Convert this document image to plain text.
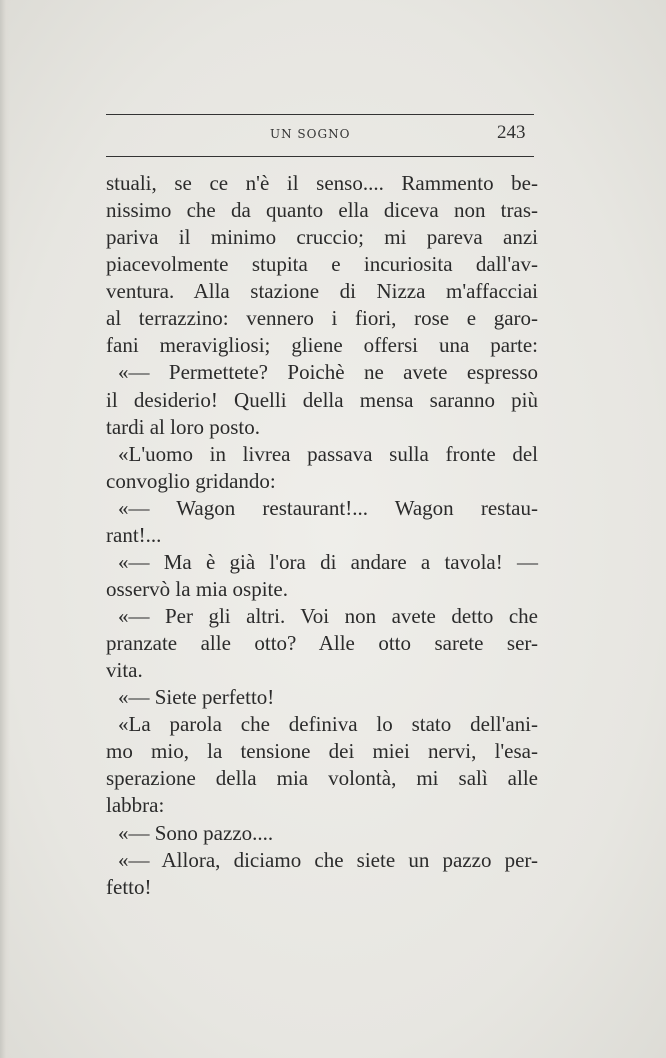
UN SOGNO	243
stuali, se ce n'è il senso.... Rammento be-
nissimo che da quanto ella diceva non tras-
pariva il minimo cruccio; mi pareva anzi
piacevolmente stupita e incuriosita dall'av-
ventura. Alla stazione di Nizza m'affacciai
al terrazzino: vennero i fiori, rose e garo-
fani meravigliosi; gliene offersi una parte:
«— Permettete? Poichè ne avete espresso
il desiderio! Quelli della mensa saranno più
tardi al loro posto.
«L'uomo in livrea passava sulla fronte del
convoglio gridando:
«— Wagon restaurant!... Wagon restau-
rant!...
«— Ma è già l'ora di andare a tavola! —
osservò la mia ospite.
«— Per gli altri. Voi non avete detto che
pranzate alle otto? Alle otto sarete ser-
vita.
«— Siete perfetto!
«La parola che definiva lo stato dell'ani-
mo mio, la tensione dei miei nervi, l'esa-
sperazione della mia volontà, mi salì alle
labbra:
«— Sono pazzo....
«— Allora, diciamo che siete un pazzo per-
fetto!
